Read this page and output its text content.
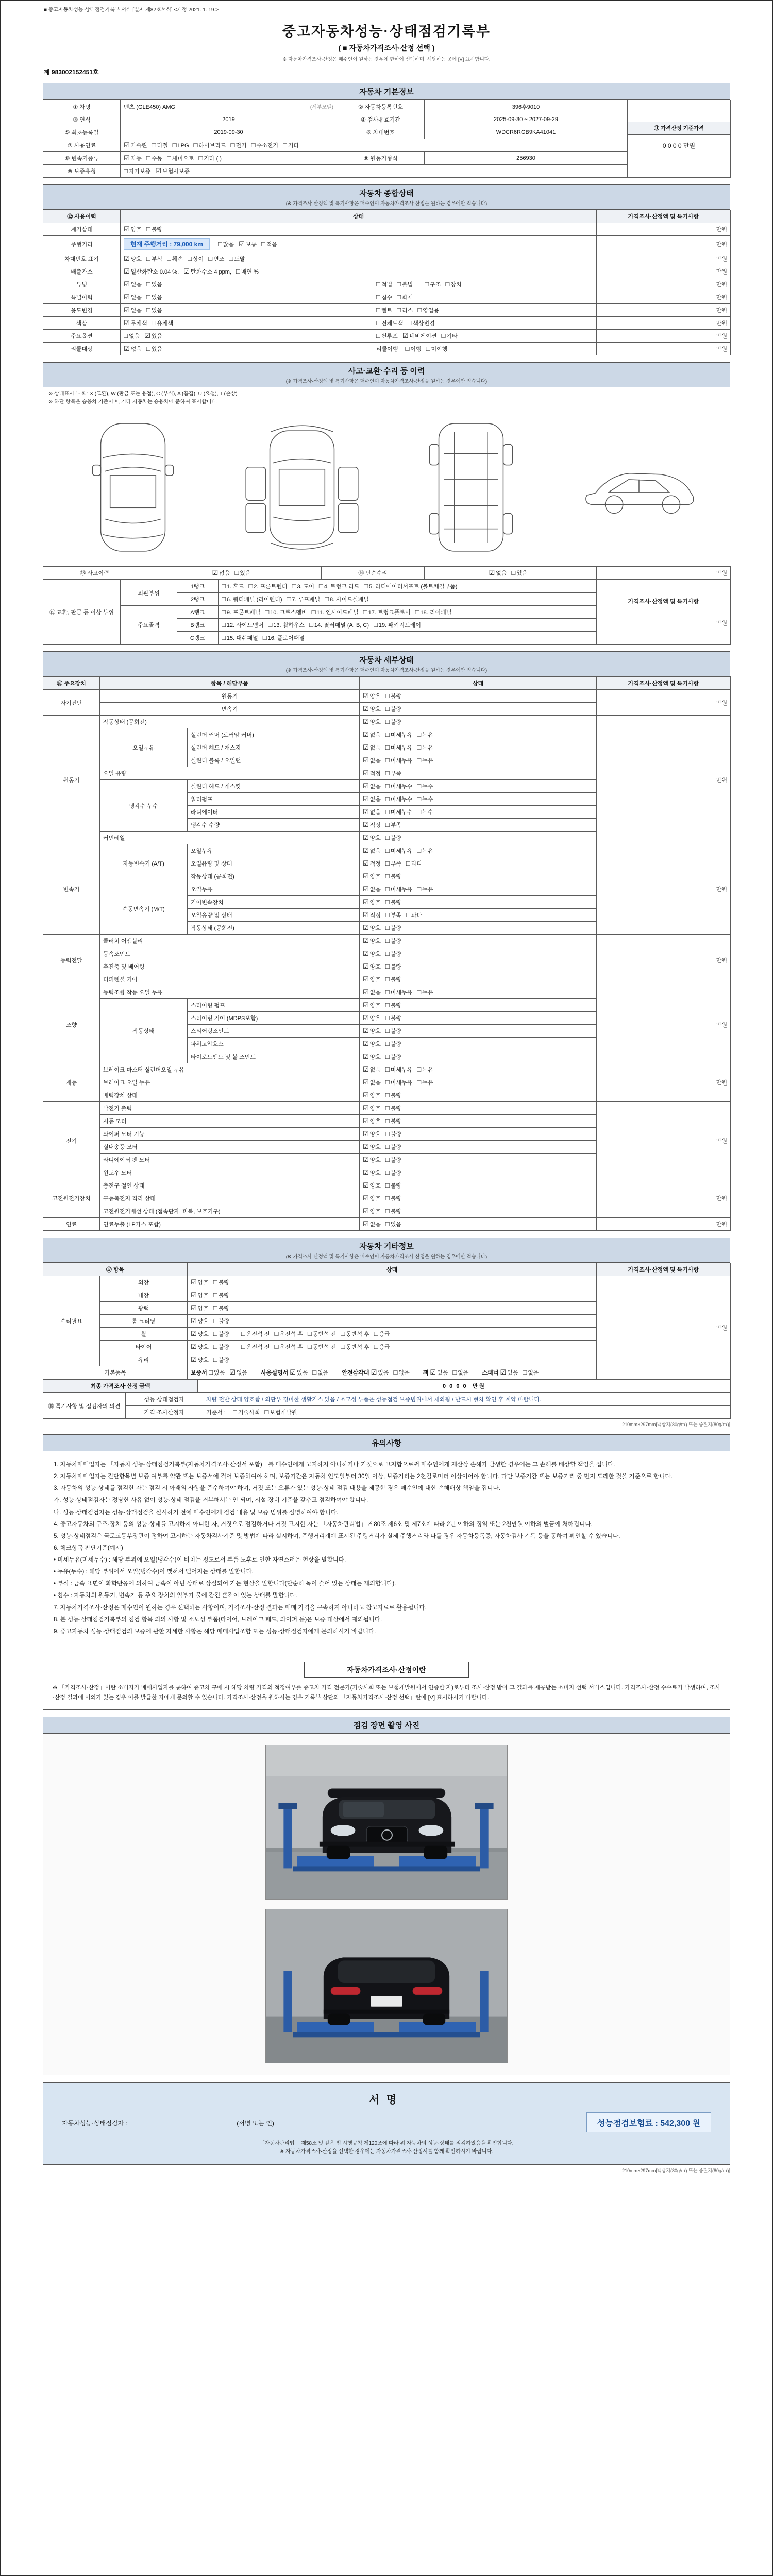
■ 중고자동차성능·상태점검기록부 서식 [별지 제82호서식] <개정 2021. 1. 19.>
중고자동차성능·상태점검기록부
( ■ 자동차가격조사·산정 선택 )
※ 자동차가격조사·산정은 매수인이 원하는 경우에 한하여 선택하며, 해당하는 곳에 [V] 표시합니다.
제 983002152451호
자동차 기본정보
① 차명	벤츠 (GLE450) AMG	(세부모델)	② 자동차등록번호	396후9010	
⑪ 가격산정 기준가격
0 0 0 0 만원

③ 연식	2019	④ 검사유효기간	2025-09-30 ~ 2027-09-29	
⑤ 최초등록일	2019-09-30	⑥ 차대번호	WDCR6RGB9KA41041	
⑦ 사용연료	☑ 가솔린 □ 디젤 □ LPG □ 하이브리드 □ 전기 □ 수소전기 □ 기타			
⑧ 변속기종류	☑ 자동 □ 수동 □ 세미오토 □ 기타 ( )	⑨ 원동기형식	256930	
⑩ 보증유형	□ 자가보증 ☑ 보험사보증			
자동차 종합상태
(※ 가격조사·산정액 및 특기사항은 매수인이 자동차가격조사·산정을 원하는 경우에만 적습니다)
⑫ 사용이력	상태		가격조사·산정액 및 특기사항
계기상태	☑ 양호 □ 불량		만원
주행거리	현재 주행거리 : 79,000 km □ 많음 ☑ 보통 □ 적음		만원
차대번호 표기	☑ 양호 □ 부식 □ 훼손 □ 상이 □ 변조 □ 도말		만원
배출가스	☑ 일산화탄소 0.04 %, ☑ 탄화수소 4 ppm, □ 매연 %		만원
튜닝	☑ 없음 □ 있음	□ 적법 □ 불법 □ 구조 □ 장치	만원
특별이력	☑ 없음 □ 있음	□ 침수 □ 화재	만원
용도변경	☑ 없음 □ 있음	□ 렌트 □ 리스 □ 영업용	만원
색상	☑ 무채색 □ 유채색	□ 전체도색 □ 색상변경	만원
주요옵션	□ 없음 ☑ 있음	□ 썬루프 ☑ 네비게이션 □ 기타	만원
리콜대상	☑ 없음 □ 있음	리콜이행 □ 이행 □ 미이행	만원
사고·교환·수리 등 이력
(※ 가격조사·산정액 및 특기사항은 매수인이 자동차가격조사·산정을 원하는 경우에만 적습니다)
※ 상태표시 부호 : X (교환), W (판금 또는 용접), C (부식), A (흠집), U (요철), T (손상)
※ 하단 항목은 승용차 기준이며, 기타 자동차는 승용차에 준하여 표시합니다.
⑬ 사고이력	☑ 없음 □ 있음	⑭ 단순수리	☑ 없음 □ 있음	만원
⑮ 교환, 판금 등 이상 부위	외판부위	1랭크	□ 1. 후드 □ 2. 프론트펜더 □ 3. 도어 □ 4. 트렁크 리드 □ 5. 라디에이터서포트 (볼트체결부품)	가격조사·산정액 및 특기사항
만원

		2랭크	□ 6. 쿼터패널 (리어펜더) □ 7. 루프패널 □ 8. 사이드실패널	
	주요골격	A랭크	□ 9. 프론트패널 □ 10. 크로스멤버 □ 11. 인사이드패널 □ 17. 트렁크플로어 □ 18. 리어패널	
		B랭크	□ 12. 사이드멤버 □ 13. 휠하우스 □ 14. 필러패널 (A, B, C) □ 19. 패키지트레이	
		C랭크	□ 15. 대쉬패널 □ 16. 플로어패널	
자동차 세부상태
(※ 가격조사·산정액 및 특기사항은 매수인이 자동차가격조사·산정을 원하는 경우에만 적습니다)
⑯ 주요장치	항목 / 해당부품		상태	가격조사·산정액 및 특기사항
자기진단	원동기		☑ 양호 □ 불량	만원
	변속기		☑ 양호 □ 불량	
원동기	작동상태 (공회전)		☑ 양호 □ 불량	만원
	오일누유	실린더 커버 (로커암 커버)	☑ 없음 □ 미세누유 □ 누유	
		실린더 헤드 / 개스킷	☑ 없음 □ 미세누유 □ 누유	
		실린더 블록 / 오일팬	☑ 없음 □ 미세누유 □ 누유	
	오일 유량		☑ 적정 □ 부족	
	냉각수 누수	실린더 헤드 / 개스킷	☑ 없음 □ 미세누수 □ 누수	
		워터펌프	☑ 없음 □ 미세누수 □ 누수	
		라디에이터	☑ 없음 □ 미세누수 □ 누수	
		냉각수 수량	☑ 적정 □ 부족	
	커먼레일		☑ 양호 □ 불량	
변속기	자동변속기 (A/T)	오일누유	☑ 없음 □ 미세누유 □ 누유	만원
		오일유량 및 상태	☑ 적정 □ 부족 □ 과다	
		작동상태 (공회전)	☑ 양호 □ 불량	
	수동변속기 (M/T)	오일누유	☑ 없음 □ 미세누유 □ 누유	
		기어변속장치	☑ 양호 □ 불량	
		오일유량 및 상태	☑ 적정 □ 부족 □ 과다	
		작동상태 (공회전)	☑ 양호 □ 불량	
동력전달	클러치 어셈블리		☑ 양호 □ 불량	만원
	등속조인트		☑ 양호 □ 불량	
	추진축 및 베어링		☑ 양호 □ 불량	
	디퍼렌셜 기어		☑ 양호 □ 불량	
조향	동력조향 작동 오일 누유		☑ 없음 □ 미세누유 □ 누유	만원
	작동상태	스티어링 펌프	☑ 양호 □ 불량	
		스티어링 기어 (MDPS포함)	☑ 양호 □ 불량	
		스티어링조인트	☑ 양호 □ 불량	
		파워고압호스	☑ 양호 □ 불량	
		타이로드엔드 및 볼 조인트	☑ 양호 □ 불량	
제동	브레이크 마스터 실린더오일 누유		☑ 없음 □ 미세누유 □ 누유	만원
	브레이크 오일 누유		☑ 없음 □ 미세누유 □ 누유	
	배력장치 상태		☑ 양호 □ 불량	
전기	발전기 출력		☑ 양호 □ 불량	만원
	시동 모터		☑ 양호 □ 불량	
	와이퍼 모터 기능		☑ 양호 □ 불량	
	실내송풍 모터		☑ 양호 □ 불량	
	라디에이터 팬 모터		☑ 양호 □ 불량	
	윈도우 모터		☑ 양호 □ 불량	
고전원전기장치	충전구 절연 상태		☑ 양호 □ 불량	만원
	구동축전지 격리 상태		☑ 양호 □ 불량	
	고전원전기배선 상태 (접속단자, 피복, 보호기구)		☑ 양호 □ 불량	
연료	연료누출 (LP가스 포함)		☑ 없음 □ 있음	만원
자동차 기타정보
(※ 가격조사·산정액 및 특기사항은 매수인이 자동차가격조사·산정을 원하는 경우에만 적습니다)
⑰ 항목		상태	가격조사·산정액 및 특기사항
수리필요	외장	☑ 양호 □ 불량	만원
	내장	☑ 양호 □ 불량	
	광택	☑ 양호 □ 불량	
	룸 크리닝	☑ 양호 □ 불량	
	휠	☑ 양호 □ 불량 □ 운전석 전 □ 운전석 후 □ 동반석 전 □ 동반석 후 □ 응급	
	타이어	☑ 양호 □ 불량 □ 운전석 전 □ 운전석 후 □ 동반석 전 □ 동반석 후 □ 응급	
	유리	☑ 양호 □ 불량	
기본품목		보증서 □ 있음 ☑ 없음 사용설명서 ☑ 있음 □ 없음 안전삼각대 ☑ 있음 □ 없음 잭 ☑ 있음 □ 없음 스패너 ☑ 있음 □ 없음	
최종 가격조사·산정 금액	0 0 0 0 만원
⑱ 특기사항 및 점검자의 의견	성능·상태점검자	차량 전반 상태 양호함 / 외판부 경미한 생활기스 있음 / 소모성 부품은 성능점검 보증범위에서 제외됨 / 반드시 현차 확인 후 계약 바랍니다.
	가격·조사산정자	기준서 : □ 기술사회 □ 보험개발원
210mm×297mm[백상지(80g/㎡) 또는 중질지(80g/㎡)]
유의사항
1. 자동차매매업자는 「자동차 성능·상태점검기록부(자동차가격조사·산정서 포함)」를 매수인에게 고지하지 아니하거나 거짓으로 고지함으로써 매수인에게 재산상 손해가 발생한 경우에는 그 손해를 배상할 책임을 집니다.
2. 자동차매매업자는 진단항목별 보증 여부를 약관 또는 보증서에 적어 보증하여야 하며, 보증기간은 자동차 인도일부터 30일 이상, 보증거리는 2천킬로미터 이상이어야 합니다. 다만 보증기간 또는 보증거리 중 먼저 도래한 것을 기준으로 합니다.
3. 자동차의 성능·상태를 점검한 자는 점검 시 아래의 사항을 준수하여야 하며, 거짓 또는 오류가 있는 성능·상태 점검 내용을 제공한 경우 매수인에 대한 손해배상 책임을 집니다.
가. 성능·상태점검자는 정당한 사유 없이 성능·상태 점검을 거부해서는 안 되며, 시설·장비 기준을 갖추고 점검하여야 합니다.
나. 성능·상태점검자는 성능·상태점검을 실시하기 전에 매수인에게 점검 내용 및 보증 범위를 설명하여야 합니다.
4. 중고자동차의 구조·장치 등의 성능·상태를 고지하지 아니한 자, 거짓으로 점검하거나 거짓 고지한 자는 「자동차관리법」 제80조 제6호 및 제7호에 따라 2년 이하의 징역 또는 2천만원 이하의 벌금에 처해집니다.
5. 성능·상태점검은 국토교통부장관이 정하여 고시하는 자동차검사기준 및 방법에 따라 실시하며, 주행거리계에 표시된 주행거리가 실제 주행거리와 다를 경우 자동차등록증, 자동차검사 기록 등을 통하여 확인할 수 있습니다.
6. 체크항목 판단기준(예시)
• 미세누유(미세누수) : 해당 부위에 오일(냉각수)이 비치는 정도로서 부품 노후로 인한 자연스러운 현상을 말합니다.
• 누유(누수) : 해당 부위에서 오일(냉각수)이 맺혀서 떨어지는 상태를 말합니다.
• 부식 : 금속 표면이 화학반응에 의하여 금속이 아닌 상태로 상실되어 가는 현상을 말합니다(단순히 녹이 슬어 있는 상태는 제외합니다).
• 침수 : 자동차의 원동기, 변속기 등 주요 장치의 일부가 물에 잠긴 흔적이 있는 상태를 말합니다.
7. 자동차가격조사·산정은 매수인이 원하는 경우 선택하는 사항이며, 가격조사·산정 결과는 매매 가격을 구속하지 아니하고 참고자료로 활용됩니다.
8. 본 성능·상태점검기록부의 점검 항목 외의 사항 및 소모성 부품(타이어, 브레이크 패드, 와이퍼 등)은 보증 대상에서 제외됩니다.
9. 중고자동차 성능·상태점검의 보증에 관한 자세한 사항은 해당 매매사업조합 또는 성능·상태점검자에게 문의하시기 바랍니다.
자동차가격조사·산정이란
※ 「가격조사·산정」이란 소비자가 매매사업자를 통하여 중고차 구매 시 해당 차량 가격의 적정여부를 중고차 가격 전문가(기술사회 또는 보험개발원에서 인증한 자)로부터 조사·산정 받아 그 결과를 제공받는 소비자 선택 서비스입니다. 가격조사·산정 수수료가 발생하며, 조사·산정 결과에 이의가 있는 경우 이를 발급한 자에게 문의할 수 있습니다. 가격조사·산정을 원하시는 경우 기록부 상단의 「자동차가격조사·산정 선택」란에 [V] 표시하시기 바랍니다.
점검 장면 촬영 사진
서명
자동차성능·상태점검자 :	(서명 또는 인)	성능점검보험료 : 542,300 원
「자동차관리법」 제58조 및 같은 법 시행규칙 제120조에 따라 위 자동차의 성능·상태를 점검하였음을 확인합니다.
※ 자동차가격조사·산정을 선택한 경우에는 자동차가격조사·산정서를 함께 확인하시기 바랍니다.
210mm×297mm[백상지(80g/㎡) 또는 중질지(80g/㎡)]
